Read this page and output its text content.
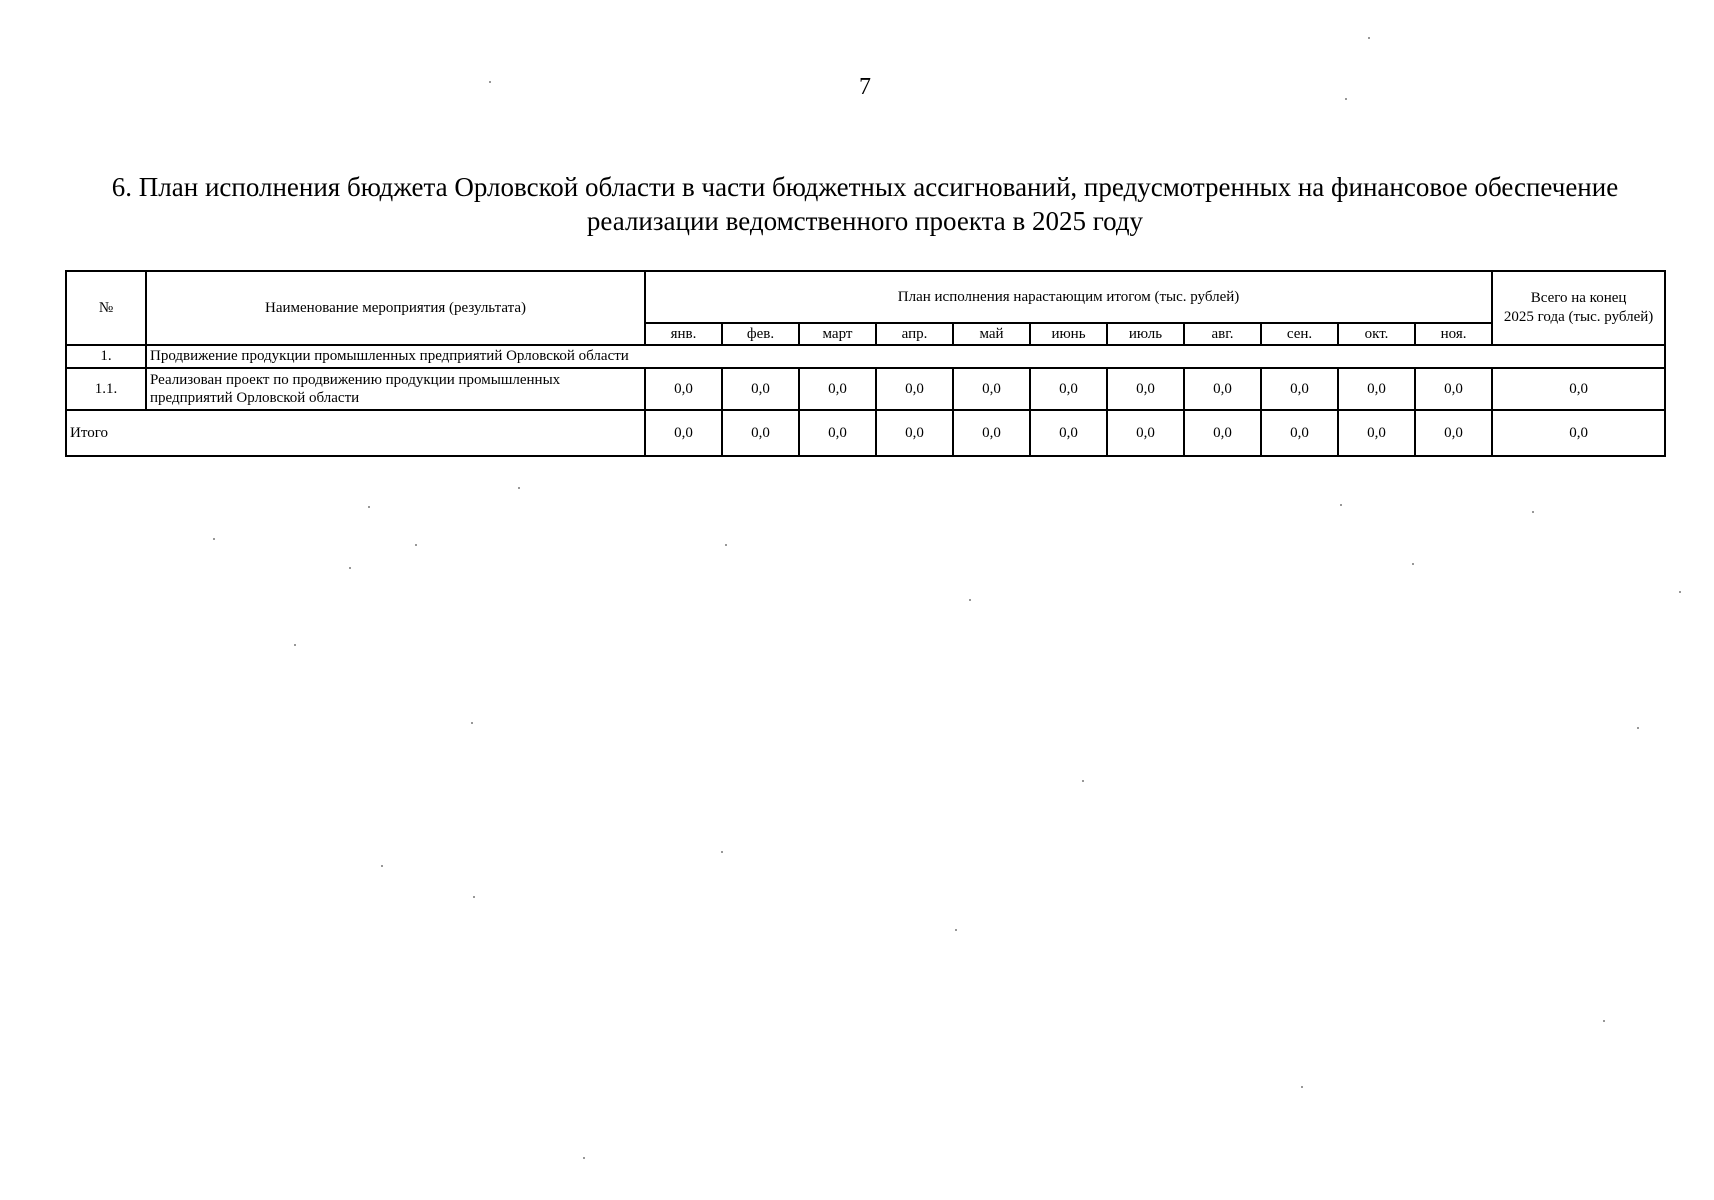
7
6. План исполнения бюджета Орловской области в части бюджетных ассигнований, предусмотренных на финансовое обеспечение
реализации ведомственного проекта в 2025 году
№	Наименование мероприятия (результата)	План исполнения нарастающим итогом (тыс. рублей)											Всего на конец
2025 года (тыс. рублей)

		янв.	фев.	март	апр.	май	июнь	июль	авг.	сен.	окт.	ноя.	
1.	Продвижение продукции промышленных предприятий Орловской области												
1.1.	Реализован проект по продвижению продукции промышленных
предприятий Орловской области	0,0	0,0	0,0	0,0	0,0	0,0	0,0	0,0	0,0	0,0	0,0	0,0
Итого		0,0	0,0	0,0	0,0	0,0	0,0	0,0	0,0	0,0	0,0	0,0	0,0
